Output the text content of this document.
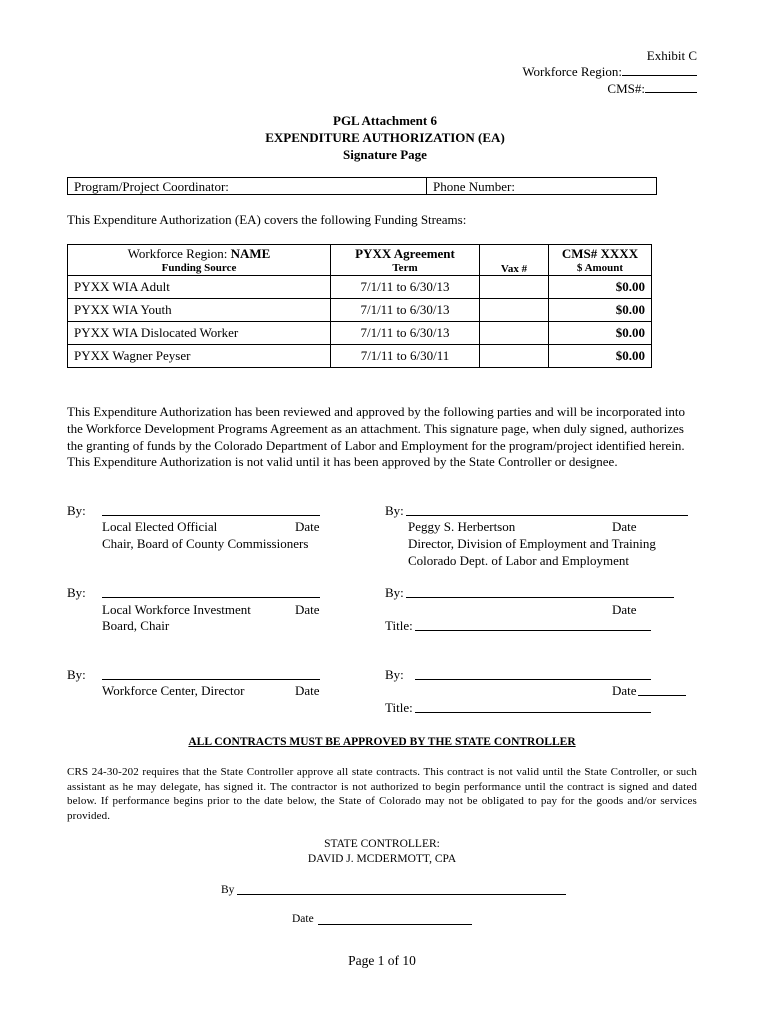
Exhibit C
Workforce Region:
CMS#:
PGL Attachment 6
EXPENDITURE AUTHORIZATION (EA)
Signature Page
Program/Project Coordinator:	Phone Number:
This Expenditure Authorization (EA) covers the following Funding Streams:
Workforce Region: NAME	PYXX Agreement	$_{Vax \#}$	CMS# XXXX
Funding Source	Term		$ Amount
PYXX WIA Adult	7/1/11 to 6/30/13		$0.00
PYXX WIA Youth	7/1/11 to 6/30/13		$0.00
PYXX WIA Dislocated Worker	7/1/11 to 6/30/13		$0.00
PYXX Wagner Peyser	7/1/11 to 6/30/11		$0.00
This Expenditure Authorization has been reviewed and approved by the following parties and will be incorporated into the Workforce Development Programs Agreement as an attachment. This signature page, when duly signed, authorizes the granting of funds by the Colorado Department of Labor and Employment for the program/project identified herein. This Expenditure Authorization is not valid until it has been approved by the State Controller or designee.
By:
Local Elected Official	Date
Chair, Board of County Commissioners
By:
Peggy S. Herbertson	Date
Director, Division of Employment and Training
Colorado Dept. of Labor and Employment
By:
Local Workforce Investment	Date
Board, Chair
By:
Date
Title:
By:
Workforce Center, Director	Date
By:
Date
Title:
ALL CONTRACTS MUST BE APPROVED BY THE STATE CONTROLLER
CRS 24-30-202 requires that the State Controller approve all state contracts. This contract is not valid until the State Controller, or such assistant as he may delegate, has signed it. The contractor is not authorized to begin performance until the contract is signed and dated below. If performance begins prior to the date below, the State of Colorado may not be obligated to pay for the goods and/or services provided.
STATE CONTROLLER:
DAVID J. MCDERMOTT, CPA
By
Date
Page 1 of 10
